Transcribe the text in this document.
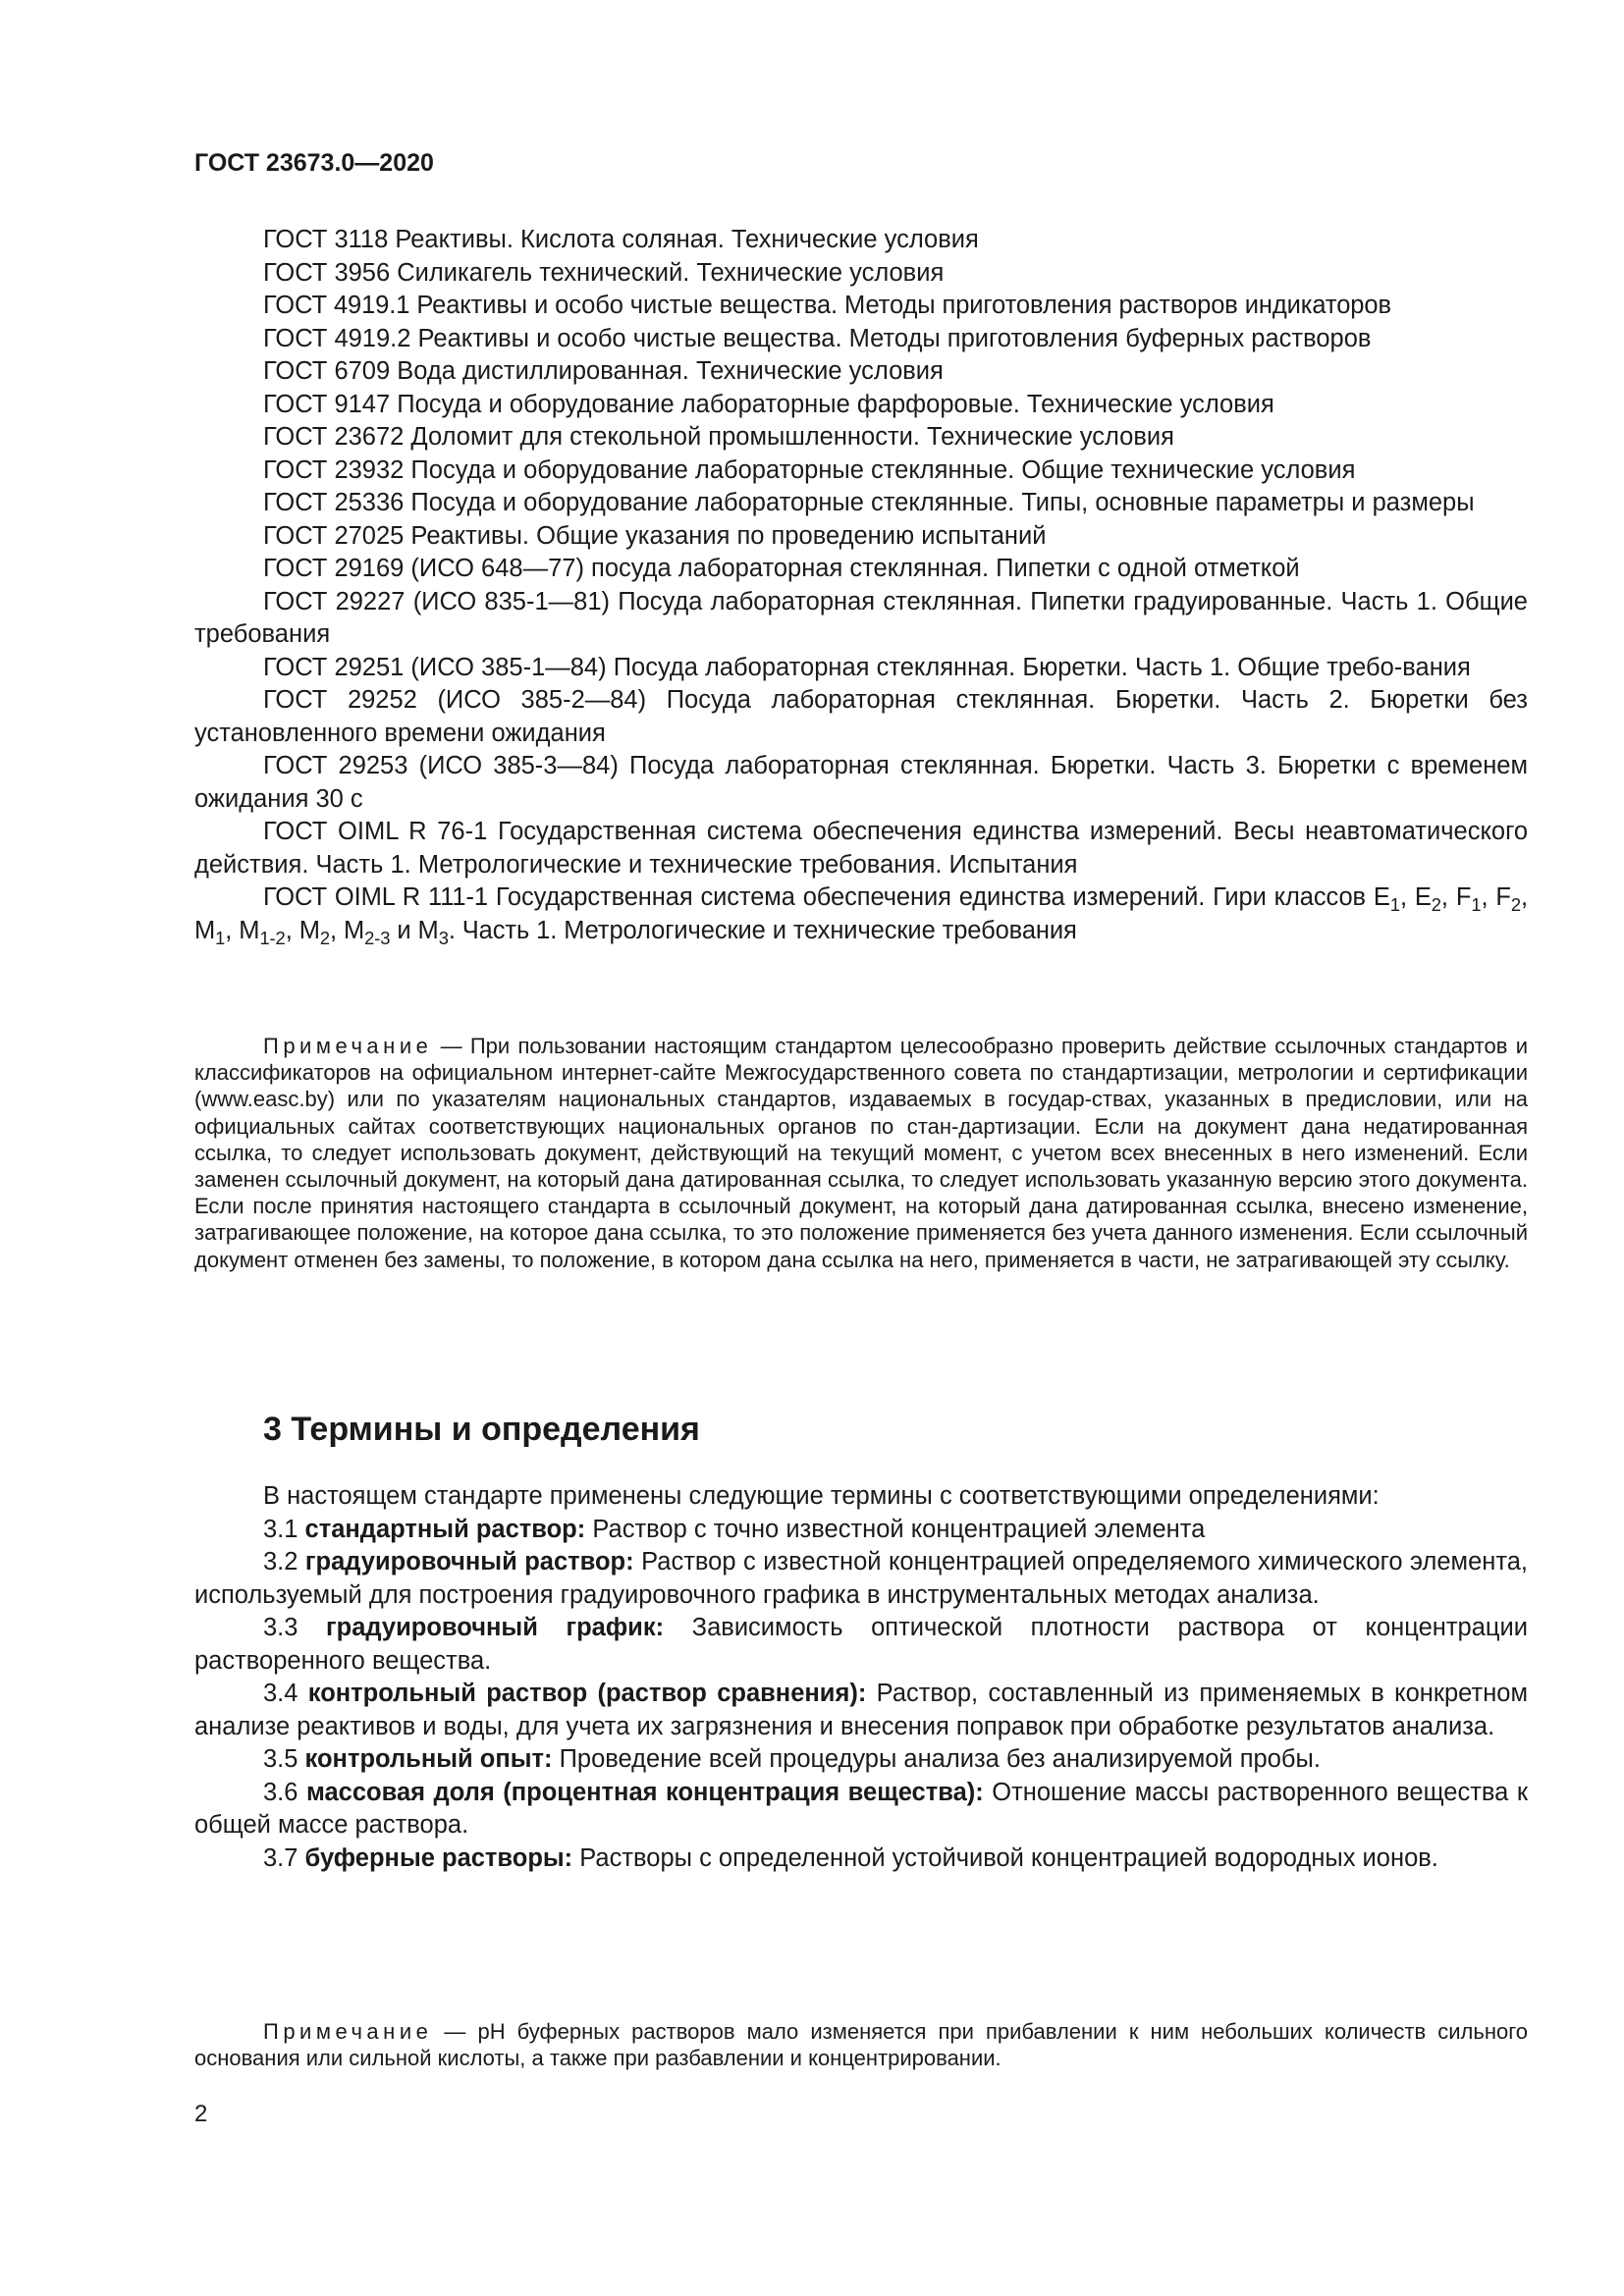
ГОСТ 23673.0—2020

ГОСТ 3118 Реактивы. Кислота соляная. Технические условия

ГОСТ 3956 Силикагель технический. Технические условия

ГОСТ 4919.1 Реактивы и особо чистые вещества. Методы приготовления растворов индикаторов

ГОСТ 4919.2 Реактивы и особо чистые вещества. Методы приготовления буферных растворов

ГОСТ 6709 Вода дистиллированная. Технические условия

ГОСТ 9147 Посуда и оборудование лабораторные фарфоровые. Технические условия

ГОСТ 23672 Доломит для стекольной промышленности. Технические условия

ГОСТ 23932 Посуда и оборудование лабораторные стеклянные. Общие технические условия

ГОСТ 25336 Посуда и оборудование лабораторные стеклянные. Типы, основные параметры и размеры

ГОСТ 27025 Реактивы. Общие указания по проведению испытаний

ГОСТ 29169 (ИСО 648—77) посуда лабораторная стеклянная. Пипетки с одной отметкой

ГОСТ 29227 (ИСО 835-1—81) Посуда лабораторная стеклянная. Пипетки градуированные. Часть 1. Общие требования

ГОСТ 29251 (ИСО 385-1—84) Посуда лабораторная стеклянная. Бюретки. Часть 1. Общие требо-вания

ГОСТ 29252 (ИСО 385-2—84) Посуда лабораторная стеклянная. Бюретки. Часть 2. Бюретки без установленного времени ожидания

ГОСТ 29253 (ИСО 385-3—84) Посуда лабораторная стеклянная. Бюретки. Часть 3. Бюретки с временем ожидания 30 с

ГОСТ OIML R 76-1 Государственная система обеспечения единства измерений. Весы неавтоматического действия. Часть 1. Метрологические и технические требования. Испытания

ГОСТ OIML R 111-1 Государственная система обеспечения единства измерений. Гири классов $E_1$, $E_2$, $F_1$, $F_2$, $M_1$, $M_{1-2}$, $M_2$, $M_{2-3}$ и $M_3$. Часть 1. Метрологические и технические требования

Примечание — При пользовании настоящим стандартом целесообразно проверить действие ссылочных стандартов и классификаторов на официальном интернет-сайте Межгосударственного совета по стандартизации, метрологии и сертификации (www.easc.by) или по указателям национальных стандартов, издаваемых в государ-ствах, указанных в предисловии, или на официальных сайтах соответствующих национальных органов по стан-дартизации. Если на документ дана недатированная ссылка, то следует использовать документ, действующий на текущий момент, с учетом всех внесенных в него изменений. Если заменен ссылочный документ, на который дана датированная ссылка, то следует использовать указанную версию этого документа. Если после принятия настоящего стандарта в ссылочный документ, на который дана датированная ссылка, внесено изменение, затрагивающее положение, на которое дана ссылка, то это положение применяется без учета данного изменения. Если ссылочный документ отменен без замены, то положение, в котором дана ссылка на него, применяется в части, не затрагивающей эту ссылку.

3 Термины и определения

В настоящем стандарте применены следующие термины с соответствующими определениями:

3.1 стандартный раствор: Раствор с точно известной концентрацией элемента

3.2 градуировочный раствор: Раствор с известной концентрацией определяемого химического элемента, используемый для построения градуировочного графика в инструментальных методах анализа.

3.3 градуировочный график: Зависимость оптической плотности раствора от концентрации растворенного вещества.

3.4 контрольный раствор (раствор сравнения): Раствор, составленный из применяемых в конкретном анализе реактивов и воды, для учета их загрязнения и внесения поправок при обработке результатов анализа.

3.5 контрольный опыт: Проведение всей процедуры анализа без анализируемой пробы.

3.6 массовая доля (процентная концентрация вещества): Отношение массы растворенного вещества к общей массе раствора.

3.7 буферные растворы: Растворы с определенной устойчивой концентрацией водородных ионов.

Примечание — pH буферных растворов мало изменяется при прибавлении к ним небольших количеств сильного основания или сильной кислоты, а также при разбавлении и концентрировании.

2
